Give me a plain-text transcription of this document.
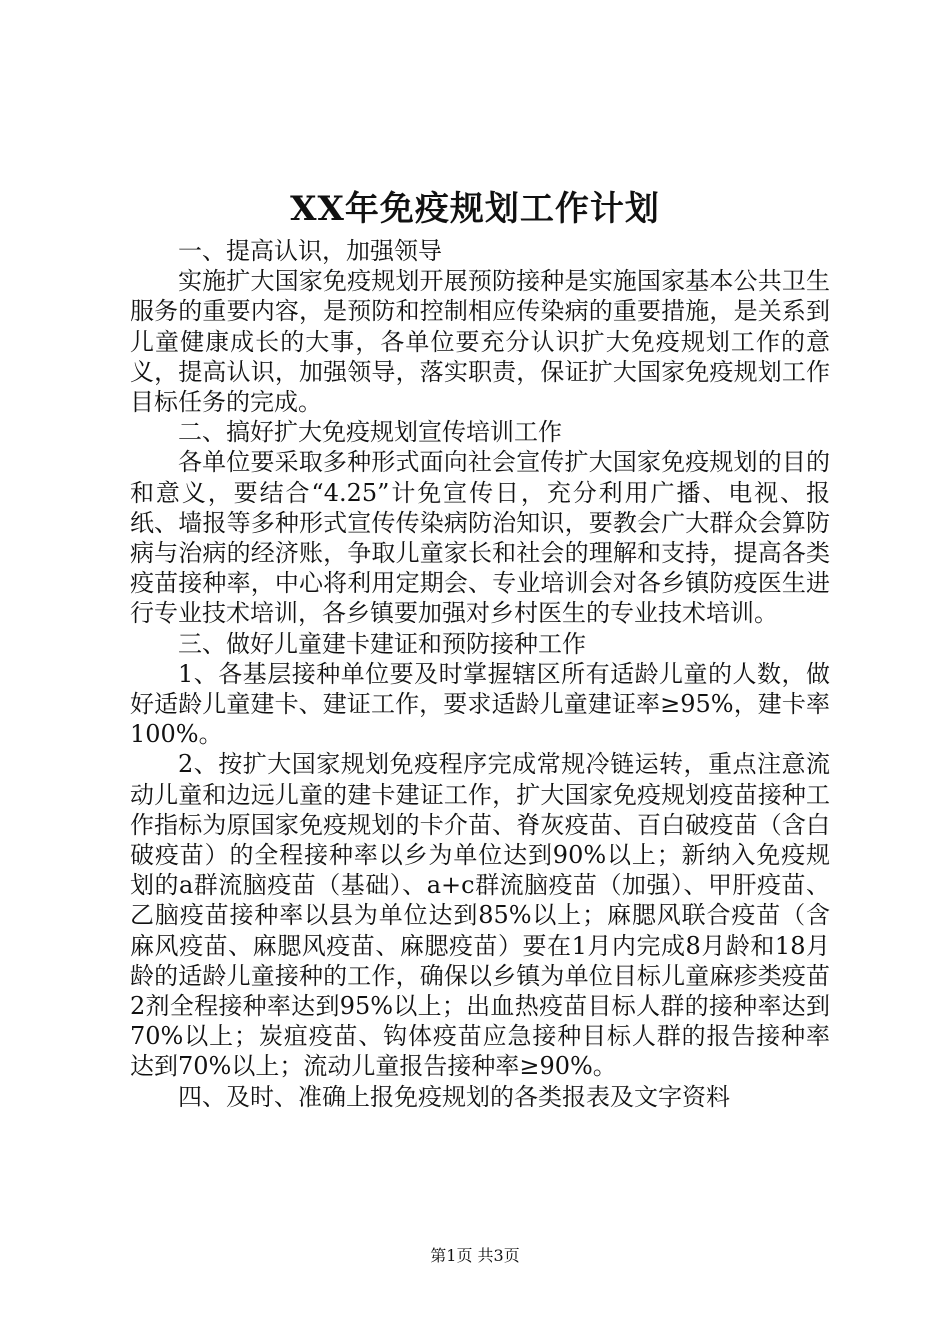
XX年免疫规划工作计划

一、提高认识，加强领导

实施扩大国家免疫规划开展预防接种是实施国家基本公共卫生服务的重要内容，是预防和控制相应传染病的重要措施，是关系到儿童健康成长的大事，各单位要充分认识扩大免疫规划工作的意义，提高认识，加强领导，落实职责，保证扩大国家免疫规划工作目标任务的完成。

二、搞好扩大免疫规划宣传培训工作

各单位要采取多种形式面向社会宣传扩大国家免疫规划的目的和意义，要结合“4.25”计免宣传日，充分利用广播、电视、报纸、墙报等多种形式宣传传染病防治知识，要教会广大群众会算防病与治病的经济账，争取儿童家长和社会的理解和支持，提高各类疫苗接种率，中心将利用定期会、专业培训会对各乡镇防疫医生进行专业技术培训，各乡镇要加强对乡村医生的专业技术培训。

三、做好儿童建卡建证和预防接种工作

1、各基层接种单位要及时掌握辖区所有适龄儿童的人数，做好适龄儿童建卡、建证工作，要求适龄儿童建证率≥95%，建卡率100%。

2、按扩大国家规划免疫程序完成常规冷链运转，重点注意流动儿童和边远儿童的建卡建证工作，扩大国家免疫规划疫苗接种工作指标为原国家免疫规划的卡介苗、脊灰疫苗、百白破疫苗（含白破疫苗）的全程接种率以乡为单位达到90%以上；新纳入免疫规划的a群流脑疫苗（基础）、a+c群流脑疫苗（加强）、甲肝疫苗、乙脑疫苗接种率以县为单位达到85%以上；麻腮风联合疫苗（含麻风疫苗、麻腮风疫苗、麻腮疫苗）要在1月内完成8月龄和18月龄的适龄儿童接种的工作，确保以乡镇为单位目标儿童麻疹类疫苗2剂全程接种率达到95%以上；出血热疫苗目标人群的接种率达到70%以上；炭疽疫苗、钩体疫苗应急接种目标人群的报告接种率达到70%以上；流动儿童报告接种率≥90%。

四、及时、准确上报免疫规划的各类报表及文字资料

第1页 共3页
